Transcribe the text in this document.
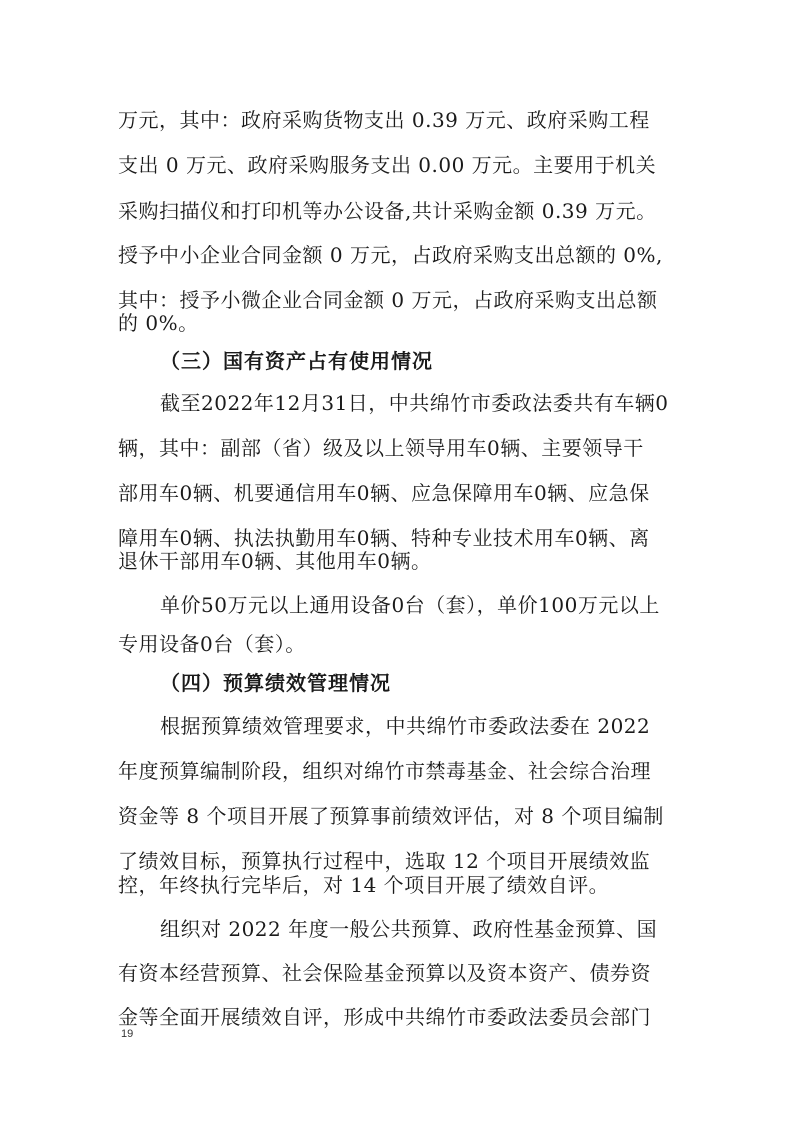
万元，其中：政府采购货物支出 0.39 万元、政府采购工程
支出 0 万元、政府采购服务支出 0.00 万元。主要用于机关
采购扫描仪和打印机等办公设备,共计采购金额 0.39 万元。
授予中小企业合同金额 0 万元，占政府采购支出总额的 0%,
其中：授予小微企业合同金额 0 万元，占政府采购支出总额
的 0%。
（三）国有资产占有使用情况
截至2022年12月31日，中共绵竹市委政法委共有车辆0
辆，其中：副部（省）级及以上领导用车0辆、主要领导干
部用车0辆、机要通信用车0辆、应急保障用车0辆、应急保
障用车0辆、执法执勤用车0辆、特种专业技术用车0辆、离
退休干部用车0辆、其他用车0辆。
单价50万元以上通用设备0台（套），单价100万元以上
专用设备0台（套）。
（四）预算绩效管理情况
根据预算绩效管理要求，中共绵竹市委政法委在 2022
年度预算编制阶段，组织对绵竹市禁毒基金、社会综合治理
资金等 8 个项目开展了预算事前绩效评估，对 8 个项目编制
了绩效目标，预算执行过程中，选取 12 个项目开展绩效监
控，年终执行完毕后，对 14 个项目开展了绩效自评。
组织对 2022 年度一般公共预算、政府性基金预算、国
有资本经营预算、社会保险基金预算以及资本资产、债券资
金等全面开展绩效自评，形成中共绵竹市委政法委员会部门
19
